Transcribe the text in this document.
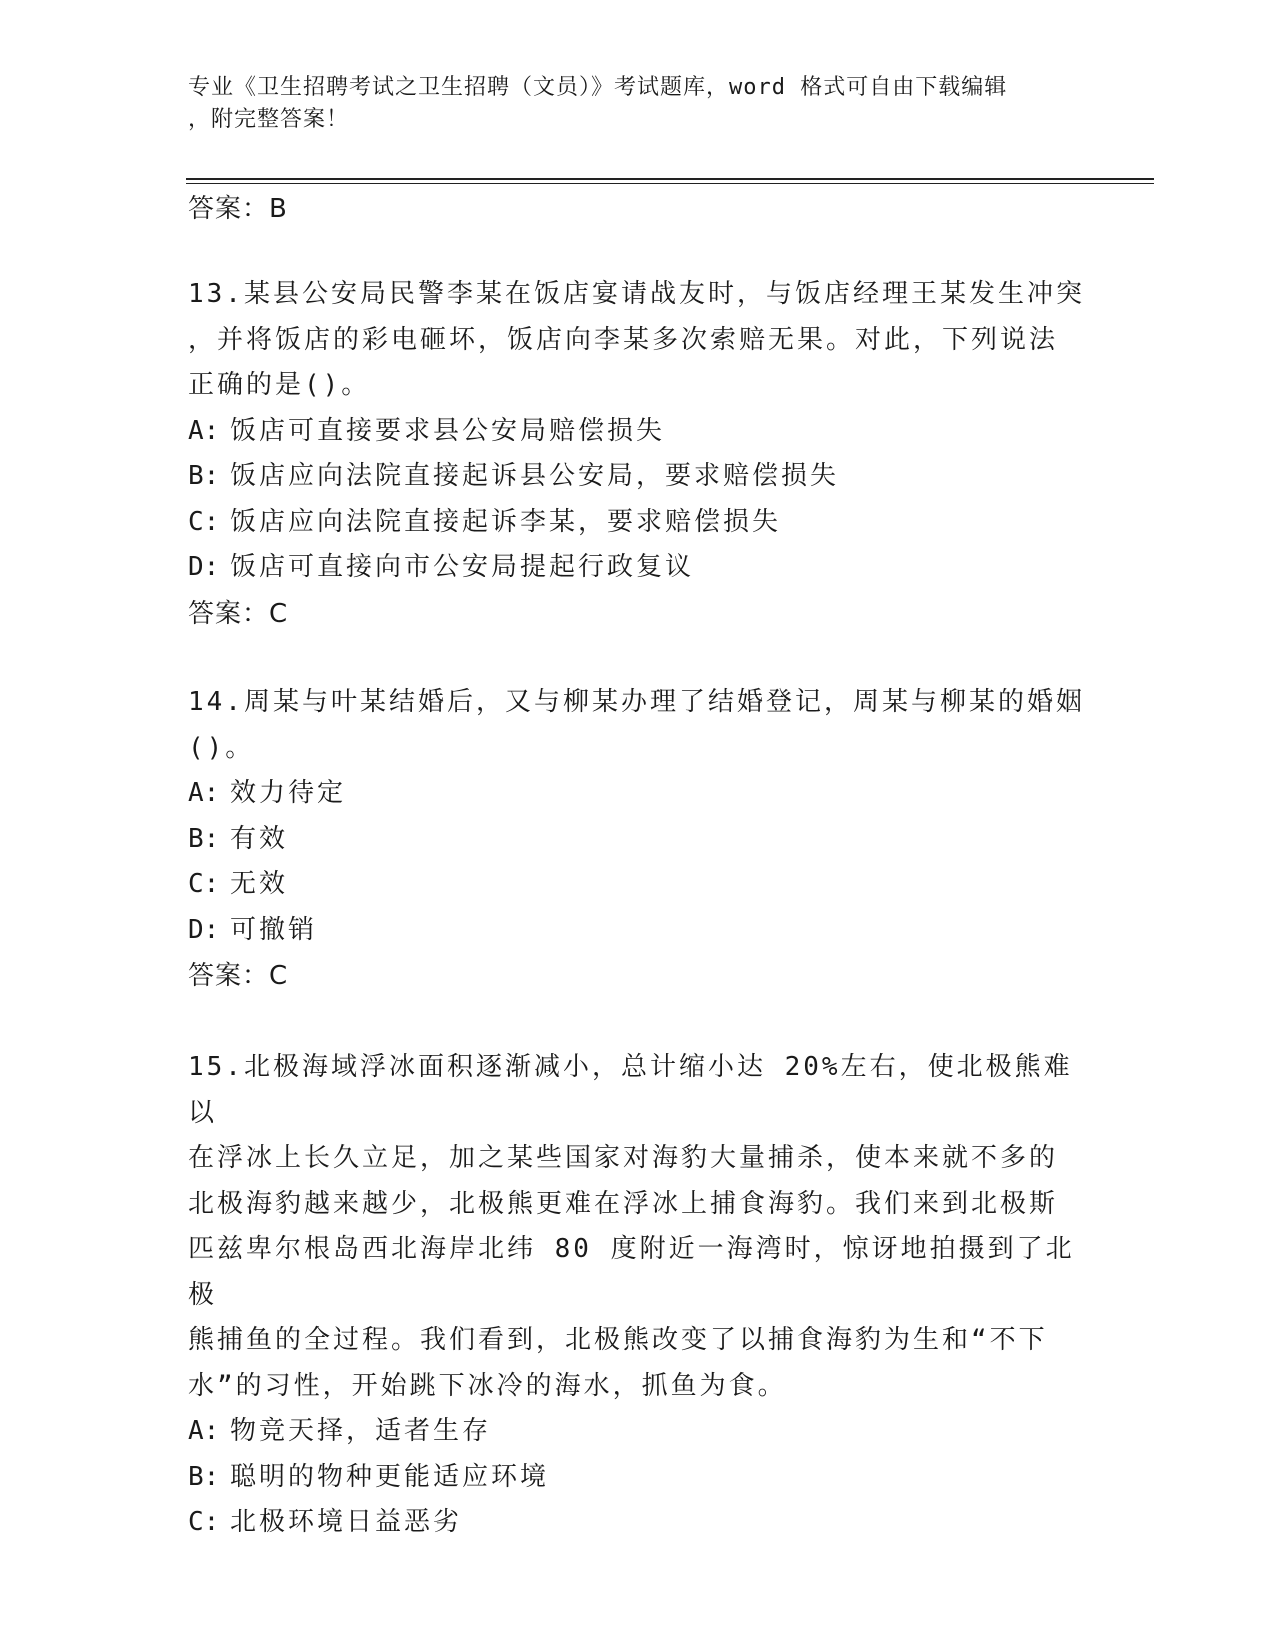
专业《卫生招聘考试之卫生招聘（文员）》考试题库，word 格式可自由下载编辑
，附完整答案！
答案：B

13.某县公安局民警李某在饭店宴请战友时，与饭店经理王某发生冲突

，并将饭店的彩电砸坏，饭店向李某多次索赔无果。对此，下列说法

正确的是()。

A: 饭店可直接要求县公安局赔偿损失

B: 饭店应向法院直接起诉县公安局，要求赔偿损失

C: 饭店应向法院直接起诉李某，要求赔偿损失

D: 饭店可直接向市公安局提起行政复议

答案：C

14.周某与叶某结婚后，又与柳某办理了结婚登记，周某与柳某的婚姻

()。

A: 效力待定

B: 有效

C: 无效

D: 可撤销

答案：C

15.北极海域浮冰面积逐渐减小，总计缩小达 20%左右，使北极熊难以

在浮冰上长久立足，加之某些国家对海豹大量捕杀，使本来就不多的

北极海豹越来越少，北极熊更难在浮冰上捕食海豹。我们来到北极斯

匹兹卑尔根岛西北海岸北纬 80 度附近一海湾时，惊讶地拍摄到了北极

熊捕鱼的全过程。我们看到，北极熊改变了以捕食海豹为生和“不下

水”的习性，开始跳下冰冷的海水，抓鱼为食。

A: 物竞天择，适者生存

B: 聪明的物种更能适应环境

C: 北极环境日益恶劣
